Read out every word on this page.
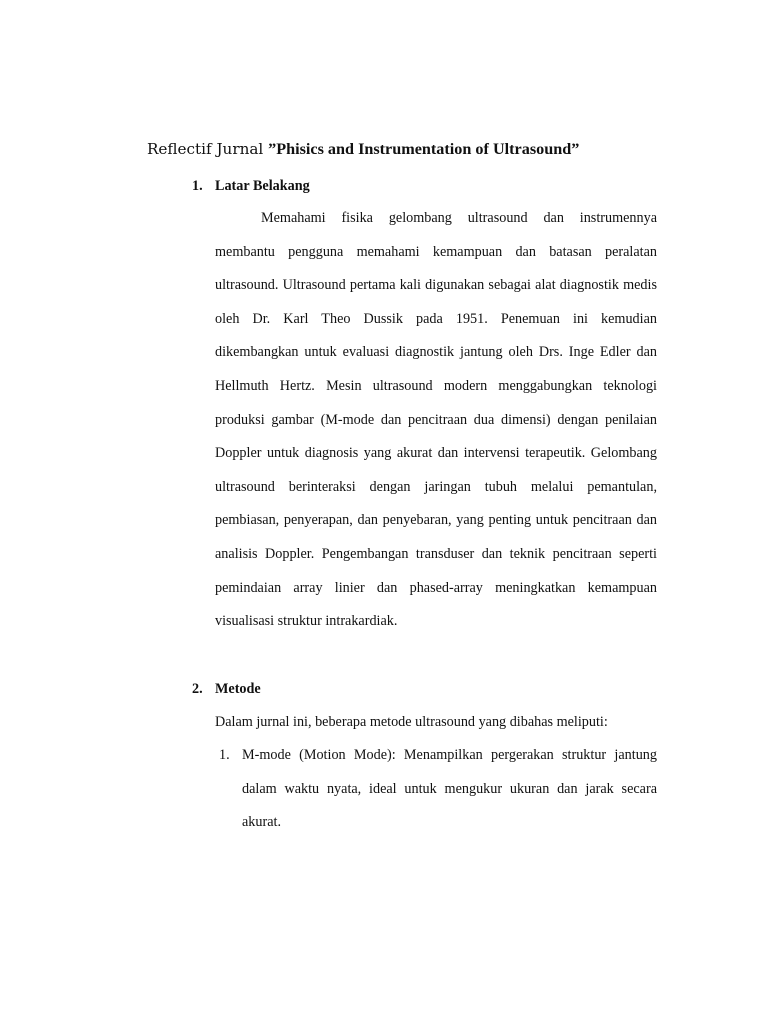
Reflectif Jurnal ”Phisics and Instrumentation of Ultrasound”
1. Latar Belakang

Memahami fisika gelombang ultrasound dan instrumennya membantu pengguna memahami kemampuan dan batasan peralatan ultrasound. Ultrasound pertama kali digunakan sebagai alat diagnostik medis oleh Dr. Karl Theo Dussik pada 1951. Penemuan ini kemudian dikembangkan untuk evaluasi diagnostik jantung oleh Drs. Inge Edler dan Hellmuth Hertz. Mesin ultrasound modern menggabungkan teknologi produksi gambar (M-mode dan pencitraan dua dimensi) dengan penilaian Doppler untuk diagnosis yang akurat dan intervensi terapeutik. Gelombang ultrasound berinteraksi dengan jaringan tubuh melalui pemantulan, pembiasan, penyerapan, dan penyebaran, yang penting untuk pencitraan dan analisis Doppler. Pengembangan transduser dan teknik pencitraan seperti pemindaian array linier dan phased-array meningkatkan kemampuan visualisasi struktur intrakardiak.

2. Metode
Dalam jurnal ini, beberapa metode ultrasound yang dibahas meliputi:
1. M-mode (Motion Mode): Menampilkan pergerakan struktur jantung dalam waktu nyata, ideal untuk mengukur ukuran dan jarak secara akurat.
